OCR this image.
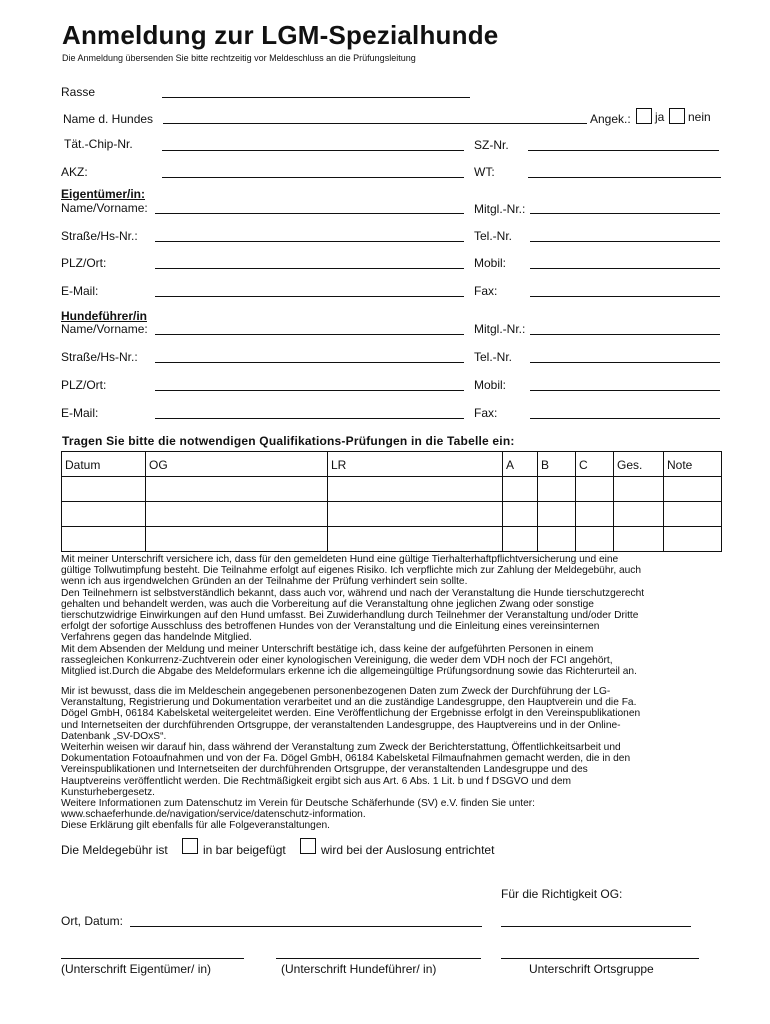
Anmeldung zur LGM-Spezialhunde
Die Anmeldung übersenden Sie bitte rechtzeitig vor Meldeschluss an die Prüfungsleitung
Rasse
Name d. Hundes	Angek.: ja nein
Tät.-Chip-Nr.	SZ-Nr.
AKZ:	WT:
Eigentümer/in:
Name/Vorname:	Mitgl.-Nr.:
Straße/Hs-Nr.:	Tel.-Nr.
PLZ/Ort:	Mobil:
E-Mail:	Fax:
Hundeführer/in
Name/Vorname:	Mitgl.-Nr.:
Straße/Hs-Nr.:	Tel.-Nr.
PLZ/Ort:	Mobil:
E-Mail:	Fax:
Tragen Sie bitte die notwendigen Qualifikations-Prüfungen in die Tabelle ein:
Datum	OG	LR	A	B	C	Ges.	Note

Mit meiner Unterschrift versichere ich, dass für den gemeldeten Hund eine gültige Tierhalterhaftpflichtversicherung und eine

gültige Tollwutimpfung besteht. Die Teilnahme erfolgt auf eigenes Risiko. Ich verpflichte mich zur Zahlung der Meldegebühr, auch

wenn ich aus irgendwelchen Gründen an der Teilnahme der Prüfung verhindert sein sollte.

Den Teilnehmern ist selbstverständlich bekannt, dass auch vor, während und nach der Veranstaltung die Hunde tierschutzgerecht

gehalten und behandelt werden, was auch die Vorbereitung auf die Veranstaltung ohne jeglichen Zwang oder sonstige

tierschutzwidrige Einwirkungen auf den Hund umfasst. Bei Zuwiderhandlung durch Teilnehmer der Veranstaltung und/oder Dritte

erfolgt der sofortige Ausschluss des betroffenen Hundes von der Veranstaltung und die Einleitung eines vereinsinternen

Verfahrens gegen das handelnde Mitglied.

Mit dem Absenden der Meldung und meiner Unterschrift bestätige ich, dass keine der aufgeführten Personen in einem

rassegleichen Konkurrenz-Zuchtverein oder einer kynologischen Vereinigung, die weder dem VDH noch der FCI angehört,

Mitglied ist.Durch die Abgabe des Meldeformulars erkenne ich die allgemeingültige Prüfungsordnung sowie das Richterurteil an.

Mir ist bewusst, dass die im Meldeschein angegebenen personenbezogenen Daten zum Zweck der Durchführung der LG-

Veranstaltung, Registrierung und Dokumentation verarbeitet und an die zuständige Landesgruppe, den Hauptverein und die Fa.

Dögel GmbH, 06184 Kabelsketal weitergeleitet werden. Eine Veröffentlichung der Ergebnisse erfolgt in den Vereinspublikationen

und Internetseiten der durchführenden Ortsgruppe, der veranstaltenden Landesgruppe, des Hauptvereins und in der Online-

Datenbank „SV-DOxS“.

Weiterhin weisen wir darauf hin, dass während der Veranstaltung zum Zweck der Berichterstattung, Öffentlichkeitsarbeit und

Dokumentation Fotoaufnahmen und von der Fa. Dögel GmbH, 06184 Kabelsketal Filmaufnahmen gemacht werden, die in den

Vereinspublikationen und Internetseiten der durchführenden Ortsgruppe, der veranstaltenden Landesgruppe und des

Hauptvereins veröffentlicht werden. Die Rechtmäßigkeit ergibt sich aus Art. 6 Abs. 1 Lit. b und f DSGVO und dem

Kunsturhebergesetz.

Weitere Informationen zum Datenschutz im Verein für Deutsche Schäferhunde (SV) e.V. finden Sie unter:

www.schaeferhunde.de/navigation/service/datenschutz-information.

Diese Erklärung gilt ebenfalls für alle Folgeveranstaltungen.

Die Meldegebühr ist	in bar beigefügt	wird bei der Auslosung entrichtet
Für die Richtigkeit OG:
Ort, Datum:
(Unterschrift Eigentümer/ in)	(Unterschrift Hundeführer/ in)	Unterschrift Ortsgruppe
